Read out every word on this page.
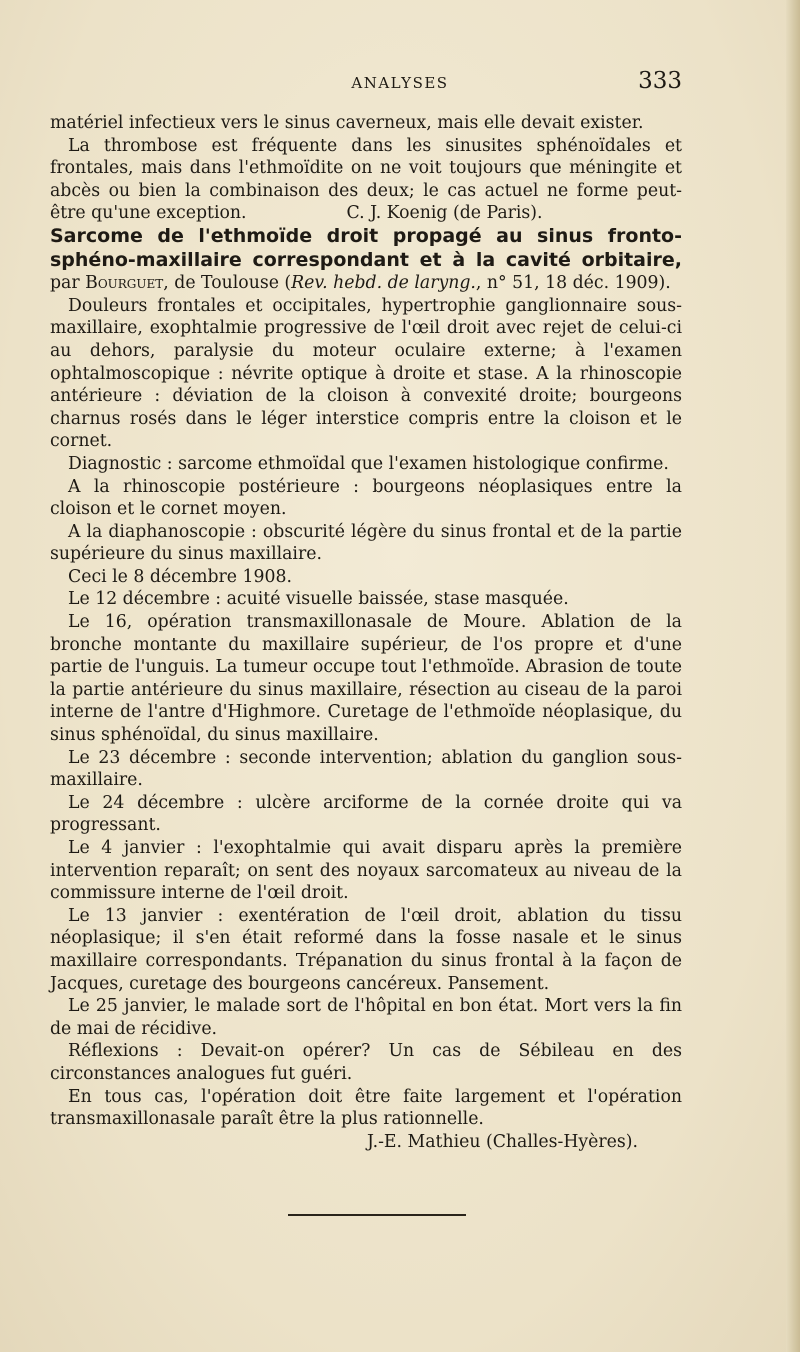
ANALYSES	333

matériel infectieux vers le sinus caverneux, mais elle devait exister.

La thrombose est fréquente dans les sinusites sphénoïdales et frontales, mais dans l'ethmoïdite on ne voit toujours que méningite et abcès ou bien la combinaison des deux; le cas actuel ne forme peut-être qu'une exception.	C. J. Koenig (de Paris).

Sarcome de l'ethmoïde droit propagé au sinus fronto-sphéno-maxillaire correspondant et à la cavité orbitaire, par Bourguet, de Toulouse (Rev. hebd. de laryng., n° 51, 18 déc. 1909).

Douleurs frontales et occipitales, hypertrophie ganglionnaire sous-maxillaire, exophtalmie progressive de l'œil droit avec rejet de celui-ci au dehors, paralysie du moteur oculaire externe; à l'examen ophtalmoscopique : névrite optique à droite et stase. A la rhinoscopie antérieure : déviation de la cloison à convexité droite; bourgeons charnus rosés dans le léger interstice compris entre la cloison et le cornet.

Diagnostic : sarcome ethmoïdal que l'examen histologique confirme.

A la rhinoscopie postérieure : bourgeons néoplasiques entre la cloison et le cornet moyen.

A la diaphanoscopie : obscurité légère du sinus frontal et de la partie supérieure du sinus maxillaire.

Ceci le 8 décembre 1908.

Le 12 décembre : acuité visuelle baissée, stase masquée.

Le 16, opération transmaxillonasale de Moure. Ablation de la bronche montante du maxillaire supérieur, de l'os propre et d'une partie de l'unguis. La tumeur occupe tout l'ethmoïde. Abrasion de toute la partie antérieure du sinus maxillaire, résection au ciseau de la paroi interne de l'antre d'Highmore. Curetage de l'ethmoïde néoplasique, du sinus sphénoïdal, du sinus maxillaire.

Le 23 décembre : seconde intervention; ablation du ganglion sous-maxillaire.

Le 24 décembre : ulcère arciforme de la cornée droite qui va progressant.

Le 4 janvier : l'exophtalmie qui avait disparu après la première intervention reparaît; on sent des noyaux sarcomateux au niveau de la commissure interne de l'œil droit.

Le 13 janvier : exentération de l'œil droit, ablation du tissu néoplasique; il s'en était reformé dans la fosse nasale et le sinus maxillaire correspondants. Trépanation du sinus frontal à la façon de Jacques, curetage des bourgeons cancéreux. Pansement.

Le 25 janvier, le malade sort de l'hôpital en bon état. Mort vers la fin de mai de récidive.

Réflexions : Devait-on opérer? Un cas de Sébileau en des circonstances analogues fut guéri.

En tous cas, l'opération doit être faite largement et l'opération transmaxillonasale paraît être la plus rationnelle.

J.-E. Mathieu (Challes-Hyères).
